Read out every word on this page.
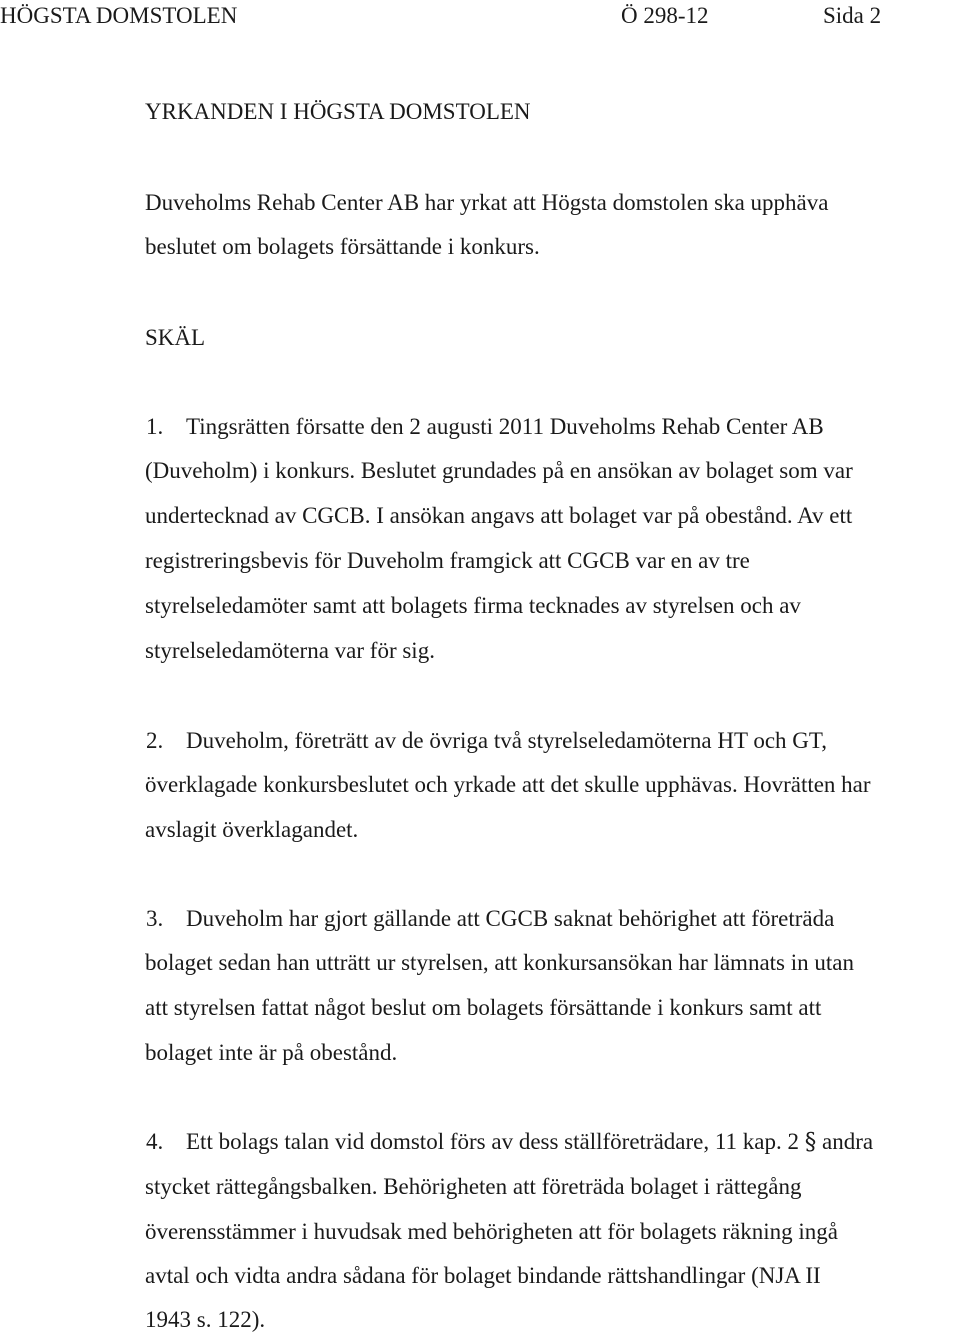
HÖGSTA DOMSTOLEN	Ö 298-12	Sida 2
YRKANDEN I HÖGSTA DOMSTOLEN
Duveholms Rehab Center AB har yrkat att Högsta domstolen ska upphäva
beslutet om bolagets försättande i konkurs.
SKÄL
1. Tingsrätten försatte den 2 augusti 2011 Duveholms Rehab Center AB
(Duveholm) i konkurs. Beslutet grundades på en ansökan av bolaget som var
undertecknad av CGCB. I ansökan angavs att bolaget var på obestånd. Av ett
registreringsbevis för Duveholm framgick att CGCB var en av tre
styrelseledamöter samt att bolagets firma tecknades av styrelsen och av
styrelseledamöterna var för sig.
2. Duveholm, företrätt av de övriga två styrelseledamöterna HT och GT,
överklagade konkursbeslutet och yrkade att det skulle upphävas. Hovrätten har
avslagit överklagandet.
3. Duveholm har gjort gällande att CGCB saknat behörighet att företräda
bolaget sedan han utträtt ur styrelsen, att konkursansökan har lämnats in utan
att styrelsen fattat något beslut om bolagets försättande i konkurs samt att
bolaget inte är på obestånd.
4. Ett bolags talan vid domstol förs av dess ställföreträdare, 11 kap. 2 § andra
stycket rättegångsbalken. Behörigheten att företräda bolaget i rättegång
överensstämmer i huvudsak med behörigheten att för bolagets räkning ingå
avtal och vidta andra sådana för bolaget bindande rättshandlingar (NJA II
1943 s. 122).
